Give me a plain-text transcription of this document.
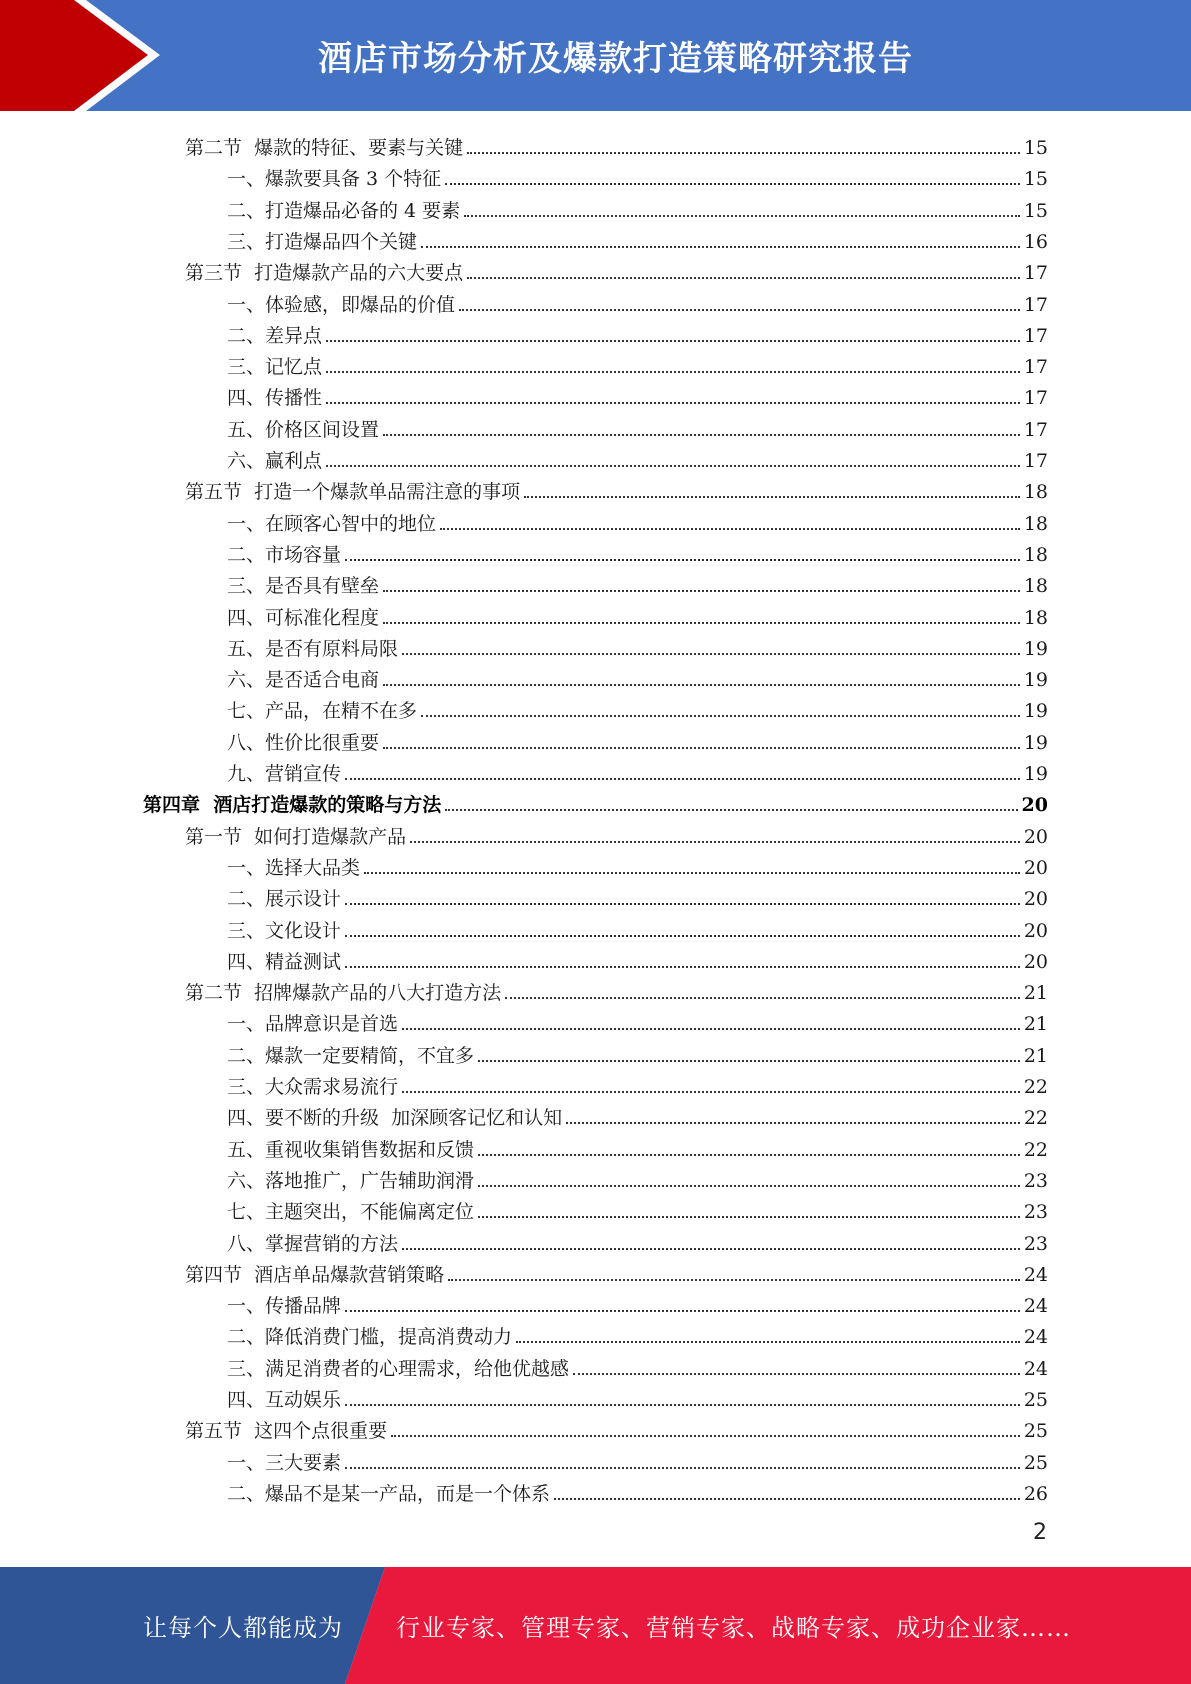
酒店市场分析及爆款打造策略研究报告
第二节  爆款的特征、要素与关键	15
一、爆款要具备 3 个特征	15
二、打造爆品必备的 4 要素	15
三、打造爆品四个关键	16
第三节  打造爆款产品的六大要点	17
一、体验感，即爆品的价值	17
二、差异点	17
三、记忆点	17
四、传播性	17
五、价格区间设置	17
六、赢利点	17
第五节  打造一个爆款单品需注意的事项	18
一、在顾客心智中的地位	18
二、市场容量	18
三、是否具有壁垒	18
四、可标准化程度	18
五、是否有原料局限	19
六、是否适合电商	19
七、产品，在精不在多	19
八、性价比很重要	19
九、营销宣传	19
第四章  酒店打造爆款的策略与方法	20
第一节  如何打造爆款产品	20
一、选择大品类	20
二、展示设计	20
三、文化设计	20
四、精益测试	20
第二节  招牌爆款产品的八大打造方法	21
一、品牌意识是首选	21
二、爆款一定要精简，不宜多	21
三、大众需求易流行	22
四、要不断的升级  加深顾客记忆和认知	22
五、重视收集销售数据和反馈	22
六、落地推广，广告辅助润滑	23
七、主题突出，不能偏离定位	23
八、掌握营销的方法	23
第四节  酒店单品爆款营销策略	24
一、传播品牌	24
二、降低消费门槛，提高消费动力	24
三、满足消费者的心理需求，给他优越感	24
四、互动娱乐	25
第五节  这四个点很重要	25
一、三大要素	25
二、爆品不是某一产品，而是一个体系	26
2
让每个人都能成为 行业专家、管理专家、营销专家、战略专家、成功企业家……
